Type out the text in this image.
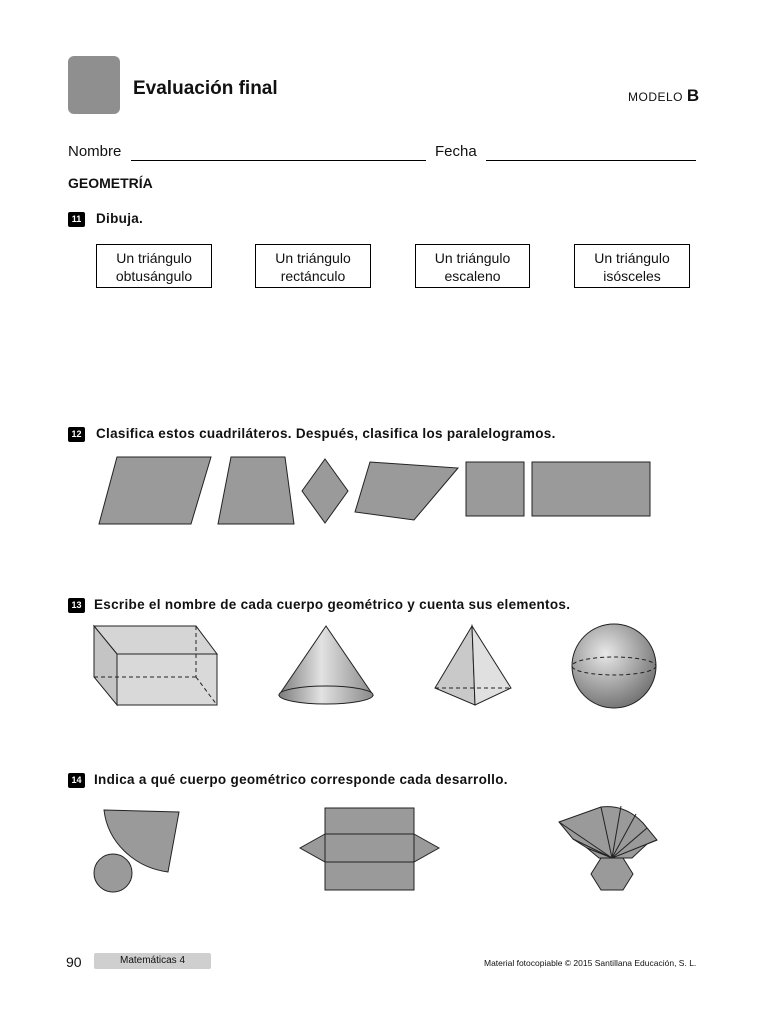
Evaluación final	MODELO B
Nombre	Fecha
GEOMETRÍA
11 Dibuja.
Un triángulo
obtusángulo
Un triángulo
rectánculo
Un triángulo
escaleno
Un triángulo
isósceles
12 Clasifica estos cuadriláteros. Después, clasifica los paralelogramos.
13 Escribe el nombre de cada cuerpo geométrico y cuenta sus elementos.
14 Indica a qué cuerpo geométrico corresponde cada desarrollo.
90	Matemáticas 4	Material fotocopiable © 2015 Santillana Educación, S. L.
